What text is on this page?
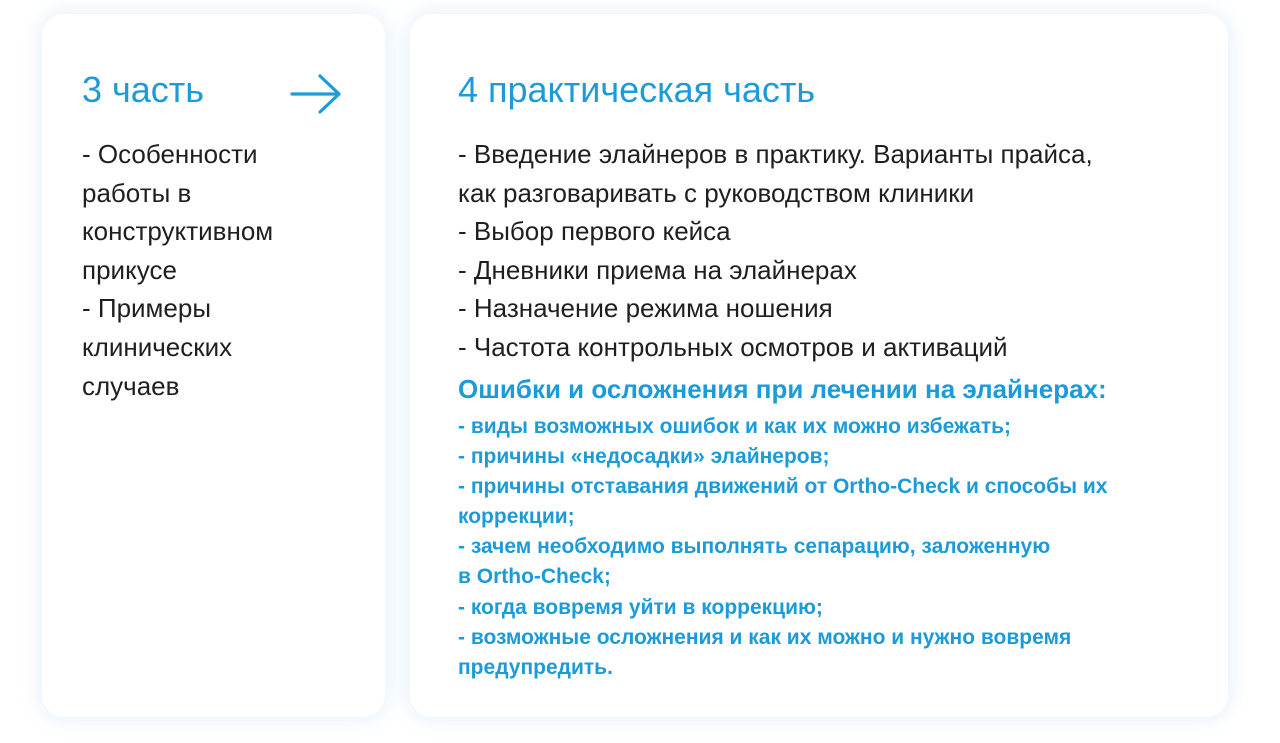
3 часть
- Особенности
работы в
конструктивном
прикусе
- Примеры
клинических
случаев
4 практическая часть
- Введение элайнеров в практику. Варианты прайса,
как разговаривать с руководством клиники
- Выбор первого кейса
- Дневники приема на элайнерах
- Назначение режима ношения
- Частота контрольных осмотров и активаций
Ошибки и осложнения при лечении на элайнерах:
- виды возможных ошибок и как их можно избежать;
- причины «недосадки» элайнеров;
- причины отставания движений от Ortho-Check и способы их
коррекции;
- зачем необходимо выполнять сепарацию, заложенную
в Ortho-Check;
- когда вовремя уйти в коррекцию;
- возможные осложнения и как их можно и нужно вовремя
предупредить.
